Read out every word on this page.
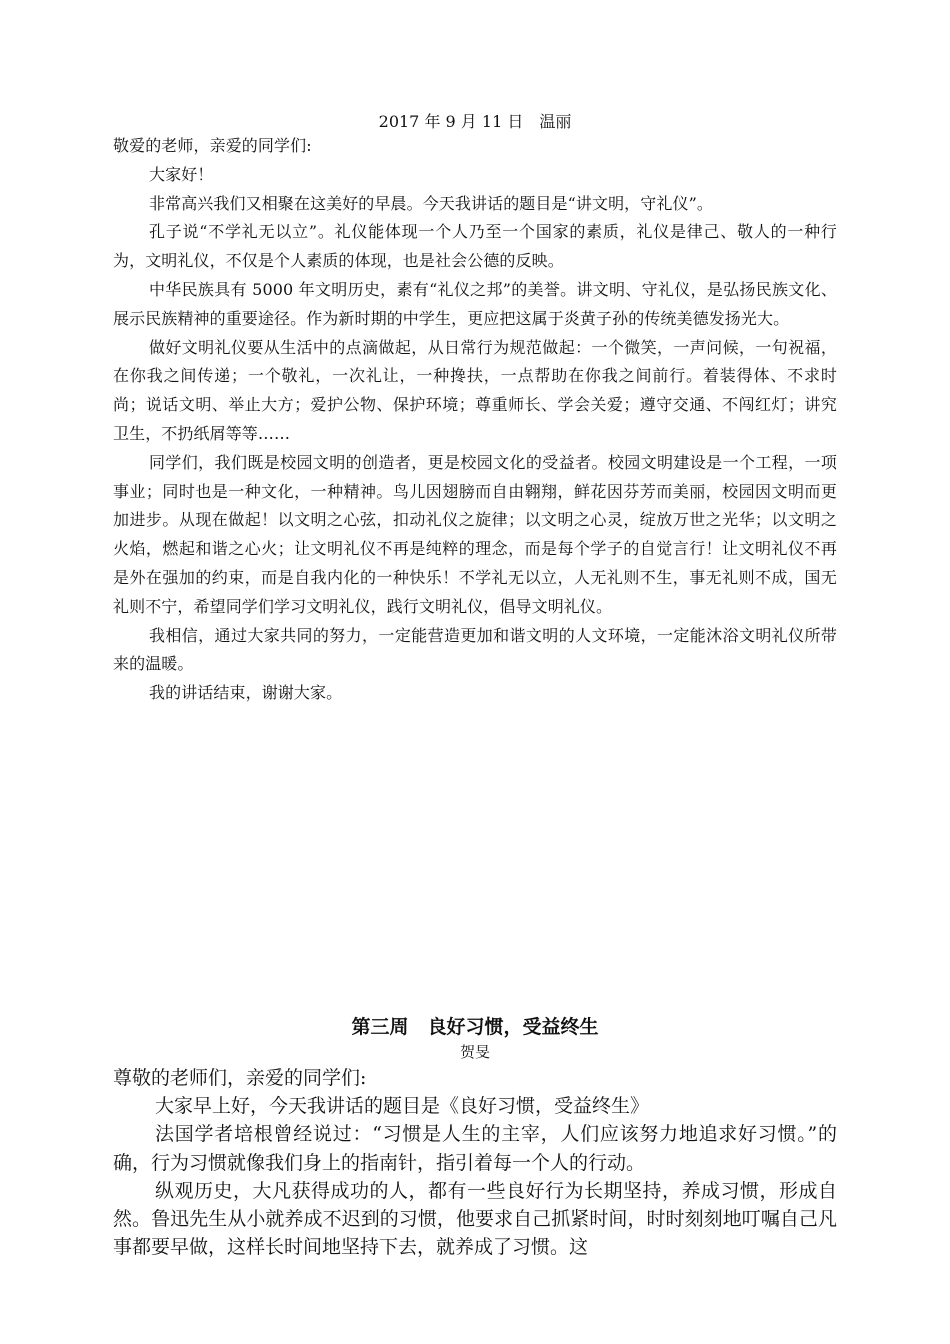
2017 年 9 月 11 日　温丽

敬爱的老师，亲爱的同学们:

大家好！

非常高兴我们又相聚在这美好的早晨。今天我讲话的题目是“讲文明，守礼仪”。

孔子说“不学礼无以立”。礼仪能体现一个人乃至一个国家的素质，礼仪是律己、敬人的一种行为，文明礼仪，不仅是个人素质的体现，也是社会公德的反映。

中华民族具有 5000 年文明历史，素有“礼仪之邦”的美誉。讲文明、守礼仪，是弘扬民族文化、展示民族精神的重要途径。作为新时期的中学生，更应把这属于炎黄子孙的传统美德发扬光大。

做好文明礼仪要从生活中的点滴做起，从日常行为规范做起：一个微笑，一声问候，一句祝福，在你我之间传递；一个敬礼，一次礼让，一种搀扶，一点帮助在你我之间前行。着装得体、不求时尚；说话文明、举止大方；爱护公物、保护环境；尊重师长、学会关爱；遵守交通、不闯红灯；讲究卫生，不扔纸屑等等……

同学们，我们既是校园文明的创造者，更是校园文化的受益者。校园文明建设是一个工程，一项事业；同时也是一种文化，一种精神。鸟儿因翅膀而自由翱翔，鲜花因芬芳而美丽，校园因文明而更加进步。从现在做起！以文明之心弦，扣动礼仪之旋律；以文明之心灵，绽放万世之光华；以文明之火焰，燃起和谐之心火；让文明礼仪不再是纯粹的理念，而是每个学子的自觉言行！让文明礼仪不再是外在强加的约束，而是自我内化的一种快乐！不学礼无以立，人无礼则不生，事无礼则不成，国无礼则不宁，希望同学们学习文明礼仪，践行文明礼仪，倡导文明礼仪。

我相信，通过大家共同的努力，一定能营造更加和谐文明的人文环境，一定能沐浴文明礼仪所带来的温暖。

我的讲话结束，谢谢大家。

第三周　良好习惯，受益终生
贺旻

尊敬的老师们，亲爱的同学们:

大家早上好，今天我讲话的题目是《良好习惯，受益终生》

法国学者培根曾经说过：“习惯是人生的主宰，人们应该努力地追求好习惯。”的确，行为习惯就像我们身上的指南针，指引着每一个人的行动。

纵观历史，大凡获得成功的人，都有一些良好行为长期坚持，养成习惯，形成自然。鲁迅先生从小就养成不迟到的习惯，他要求自己抓紧时间，时时刻刻地叮嘱自己凡事都要早做，这样长时间地坚持下去，就养成了习惯。这
